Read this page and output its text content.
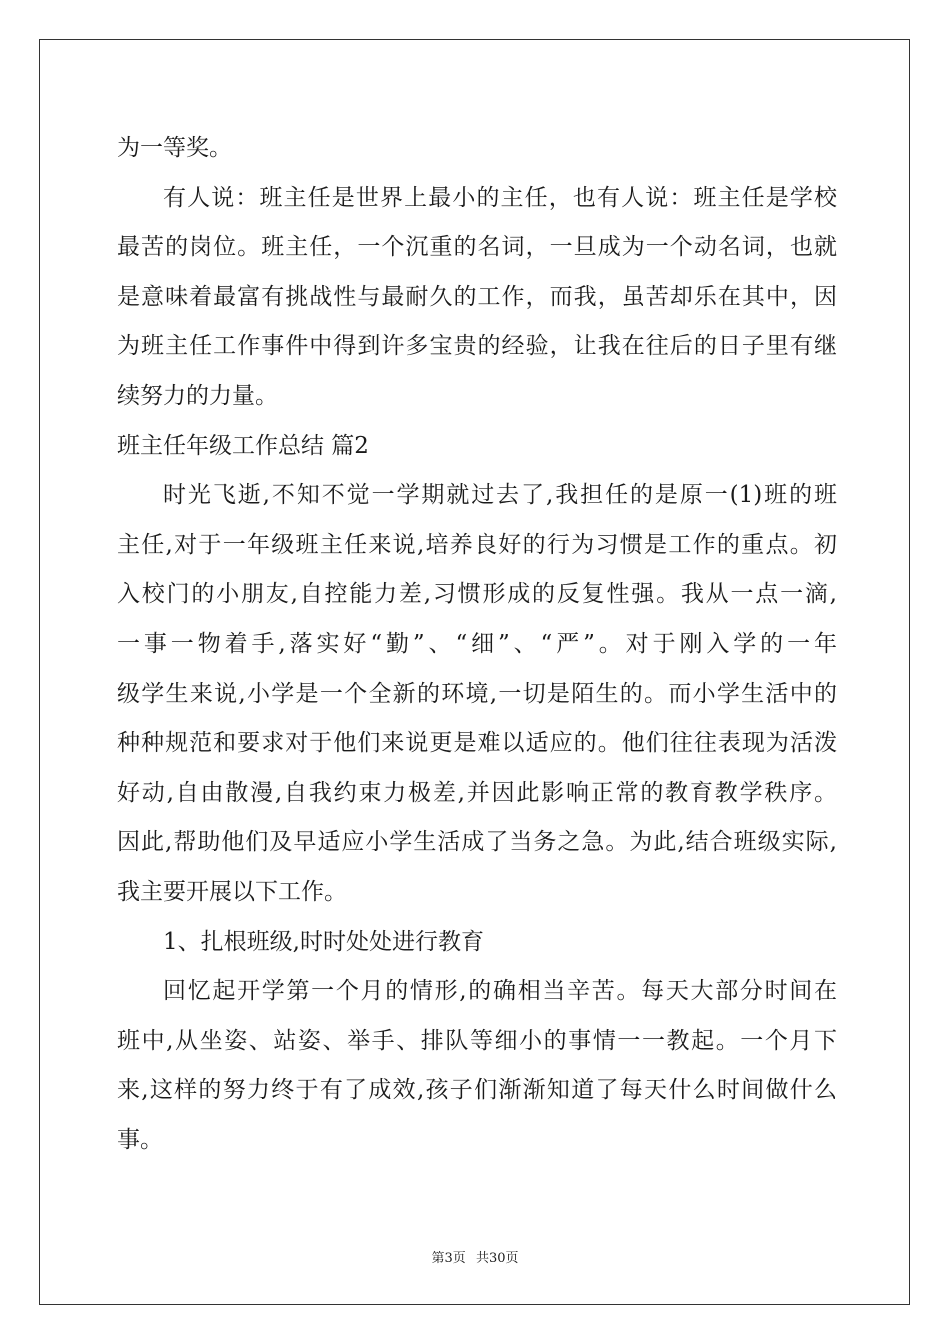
为一等奖。
有人说：班主任是世界上最小的主任，也有人说：班主任是学校
最苦的岗位。班主任，一个沉重的名词，一旦成为一个动名词，也就
是意味着最富有挑战性与最耐久的工作，而我，虽苦却乐在其中，因
为班主任工作事件中得到许多宝贵的经验，让我在往后的日子里有继
续努力的力量。
班主任年级工作总结 篇2
时光飞逝,不知不觉一学期就过去了,我担任的是原一(1)班的班
主任,对于一年级班主任来说,培养良好的行为习惯是工作的重点。初
入校门的小朋友,自控能力差,习惯形成的反复性强。我从一点一滴,
一事一物着手,落实好“勤”、“细”、“严”。对于刚入学的一年
级学生来说,小学是一个全新的环境,一切是陌生的。而小学生活中的
种种规范和要求对于他们来说更是难以适应的。他们往往表现为活泼
好动,自由散漫,自我约束力极差,并因此影响正常的教育教学秩序。
因此,帮助他们及早适应小学生活成了当务之急。为此,结合班级实际,
我主要开展以下工作。
1、扎根班级,时时处处进行教育
回忆起开学第一个月的情形,的确相当辛苦。每天大部分时间在
班中,从坐姿、站姿、举手、排队等细小的事情一一教起。一个月下
来,这样的努力终于有了成效,孩子们渐渐知道了每天什么时间做什么
事。
第3页 共30页
